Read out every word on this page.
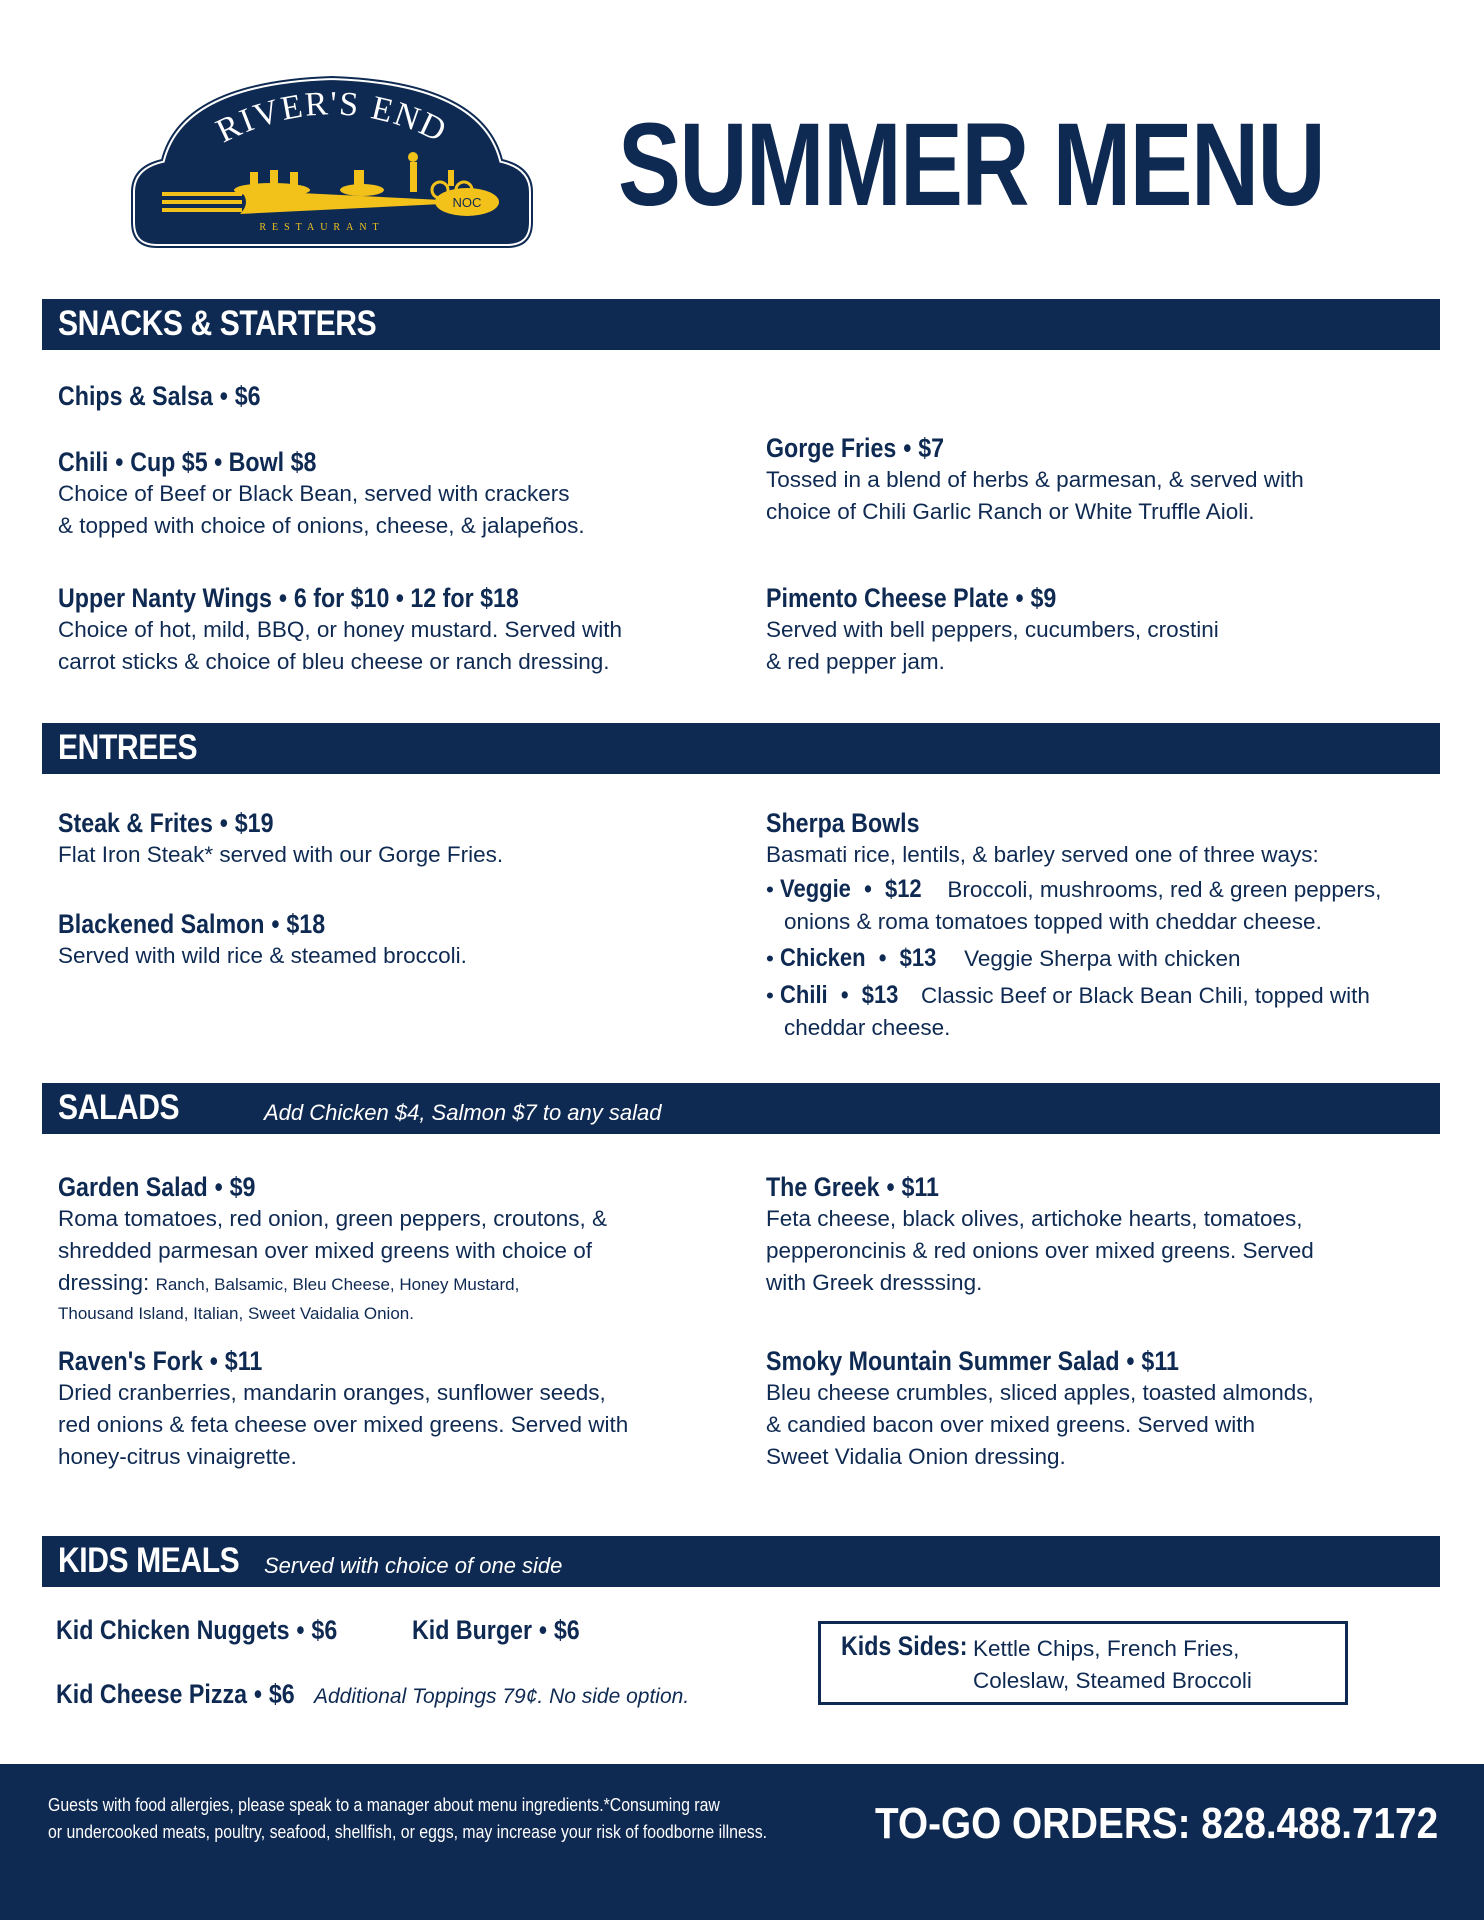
RIVER'S END
NOC
RESTAURANT SUMMER MENU
SNACKS & STARTERS
Chips & Salsa • $6
Chili • Cup $5 • Bowl $8
Choice of Beef or Black Bean, served with crackers
& topped with choice of onions, cheese, & jalapeños.
Upper Nanty Wings • 6 for $10 • 12 for $18
Choice of hot, mild, BBQ, or honey mustard. Served with
carrot sticks & choice of bleu cheese or ranch dressing.
Gorge Fries • $7
Tossed in a blend of herbs & parmesan, & served with
choice of Chili Garlic Ranch or White Truffle Aioli.
Pimento Cheese Plate • $9
Served with bell peppers, cucumbers, crostini
& red pepper jam.
ENTREES
Steak & Frites • $19
Flat Iron Steak* served with our Gorge Fries.
Blackened Salmon • $18
Served with wild rice & steamed broccoli.
Sherpa Bowls
Basmati rice, lentils, & barley served one of three ways:
• Veggie • $12 Broccoli, mushrooms, red & green peppers,
onions & roma tomatoes topped with cheddar cheese.
• Chicken • $13 Veggie Sherpa with chicken
• Chili • $13 Classic Beef or Black Bean Chili, topped with
cheddar cheese.
SALADS	Add Chicken $4, Salmon $7 to any salad
Garden Salad • $9
Roma tomatoes, red onion, green peppers, croutons, &
shredded parmesan over mixed greens with choice of
dressing: Ranch, Balsamic, Bleu Cheese, Honey Mustard,
Thousand Island, Italian, Sweet Vaidalia Onion.
Raven's Fork • $11
Dried cranberries, mandarin oranges, sunflower seeds,
red onions & feta cheese over mixed greens. Served with
honey-citrus vinaigrette.
The Greek • $11
Feta cheese, black olives, artichoke hearts, tomatoes,
pepperoncinis & red onions over mixed greens. Served
with Greek dresssing.
Smoky Mountain Summer Salad • $11
Bleu cheese crumbles, sliced apples, toasted almonds,
& candied bacon over mixed greens. Served with
Sweet Vidalia Onion dressing.
KIDS MEALS Served with choice of one side
Kid Chicken Nuggets • $6	Kid Burger • $6
Kid Cheese Pizza • $6 Additional Toppings 79¢. No side option.
Kids Sides: Kettle Chips, French Fries,
Coleslaw, Steamed Broccoli
Guests with food allergies, please speak to a manager about menu ingredients.*Consuming raw
or undercooked meats, poultry, seafood, shellfish, or eggs, may increase your risk of foodborne illness. TO-GO ORDERS: 828.488.7172
